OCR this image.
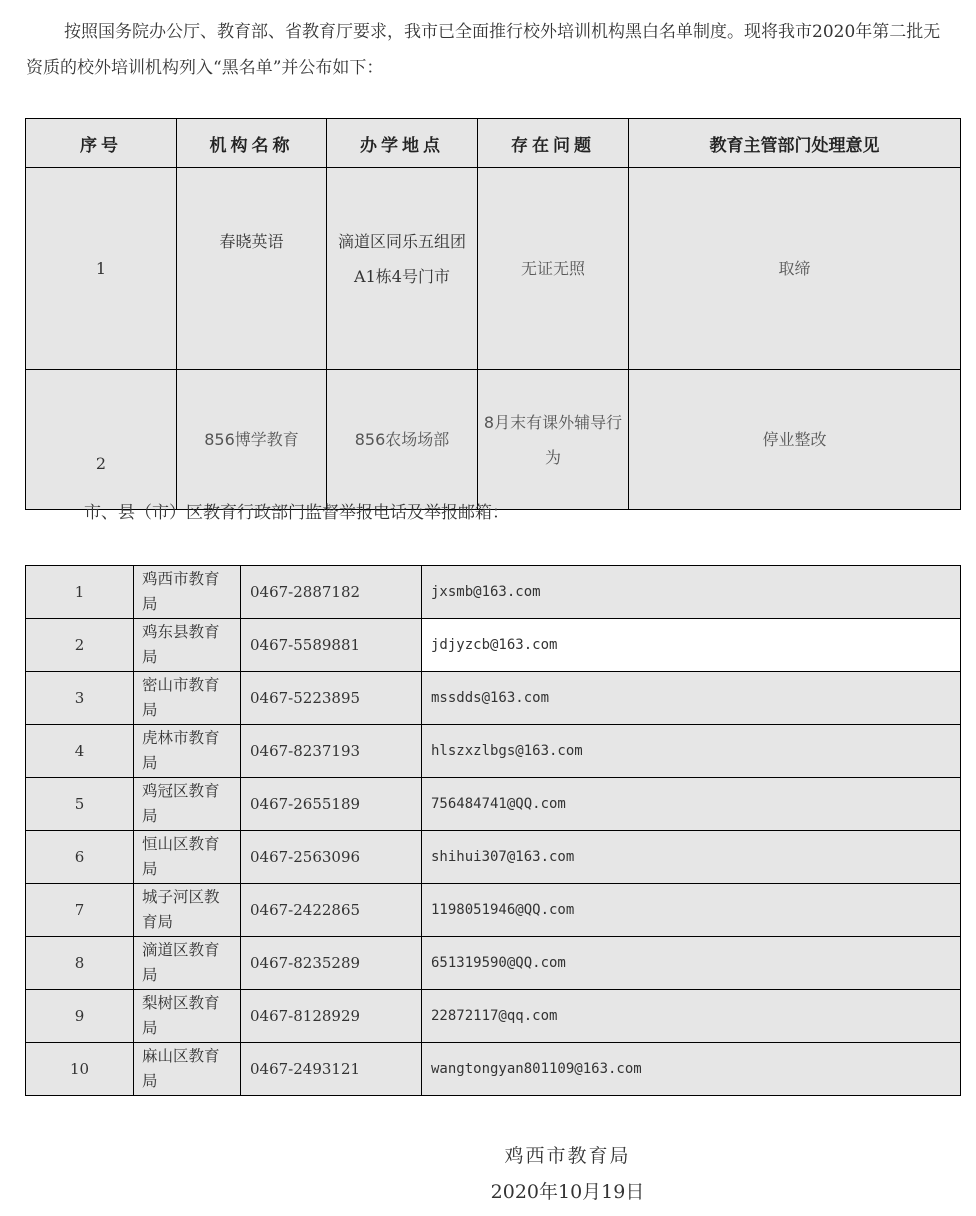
按照国务院办公厅、教育部、省教育厅要求，我市已全面推行校外培训机构黑白名单制度。现将我市2020年第二批无资质的校外培训机构列入“黑名单”并公布如下：

序号	机构名称	办学地点	存在问题	教育主管部门处理意见
1	春晓英语	滴道区同乐五组团
A1栋4号门市	无证无照	取缔
2	856博学教育	856农场场部	8月末有课外辅导行
为	停业整改

市、县（市）区教育行政部门监督举报电话及举报邮箱：

1	鸡西市教育
局	0467-2887182	jxsmb@163.com
2	鸡东县教育
局	0467-5589881	jdjyzcb@163.com
3	密山市教育
局	0467-5223895	mssdds@163.com
4	虎林市教育
局	0467-8237193	hlszxzlbgs@163.com
5	鸡冠区教育
局	0467-2655189	756484741@QQ.com
6	恒山区教育
局	0467-2563096	shihui307@163.com
7	城子河区教
育局	0467-2422865	1198051946@QQ.com
8	滴道区教育
局	0467-8235289	651319590@QQ.com
9	梨树区教育
局	0467-8128929	22872117@qq.com
10	麻山区教育
局	0467-2493121	wangtongyan801109@163.com
鸡西市教育局
2020年10月19日
